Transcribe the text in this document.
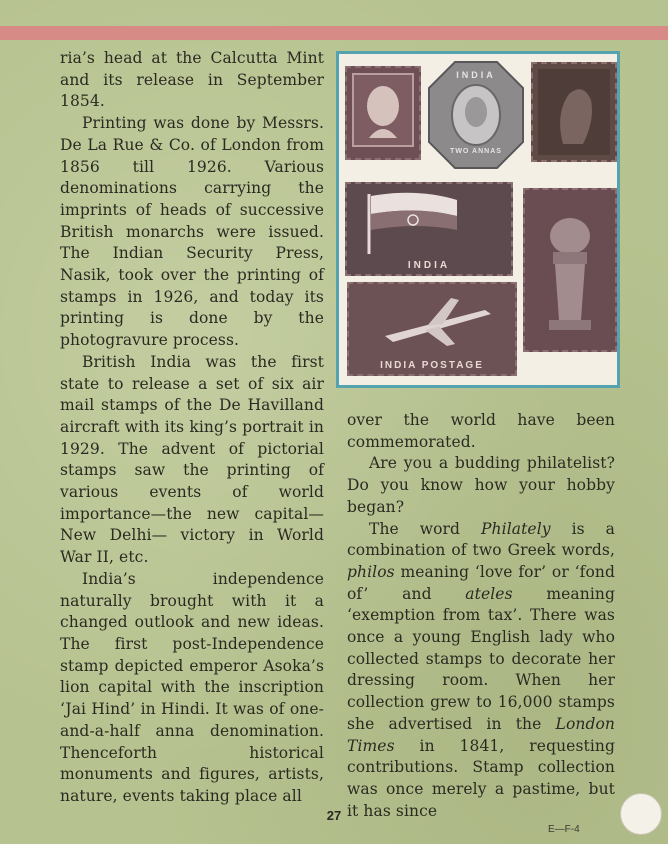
ria’s head at the Calcutta Mint and its release in September 1854.

Printing was done by Messrs. De La Rue & Co. of London from 1856 till 1926. Various denominations carrying the imprints of heads of successive British monarchs were issued. The Indian Security Press, Nasik, took over the printing of stamps in 1926, and today its printing is done by the photogravure process.

British India was the first state to release a set of six air mail stamps of the De Havilland aircraft with its king’s portrait in 1929. The advent of pictorial stamps saw the printing of various events of world importance—the new capital—New Delhi— victory in World War II, etc.

India’s independence naturally brought with it a changed outlook and new ideas. The first post-Independence stamp depicted emperor Asoka’s lion capital with the inscription ‘Jai Hind’ in Hindi. It was of one-and-a-half anna denomination. Thenceforth historical monuments and figures, artists, nature, events taking place all

INDIA
TWO ANNAS
INDIA
INDIA POSTAGE

over the world have been commemorated.

Are you a budding philatelist? Do you know how your hobby began?

The word Philately is a combination of two Greek words, philos meaning ‘love for’ or ‘fond of’ and ateles meaning ‘exemption from tax’. There was once a young English lady who collected stamps to decorate her dressing room. When her collection grew to 16,000 stamps she advertised in the London Times in 1841, requesting contributions. Stamp collection was once merely a pastime, but it has since

27
E—F-4
